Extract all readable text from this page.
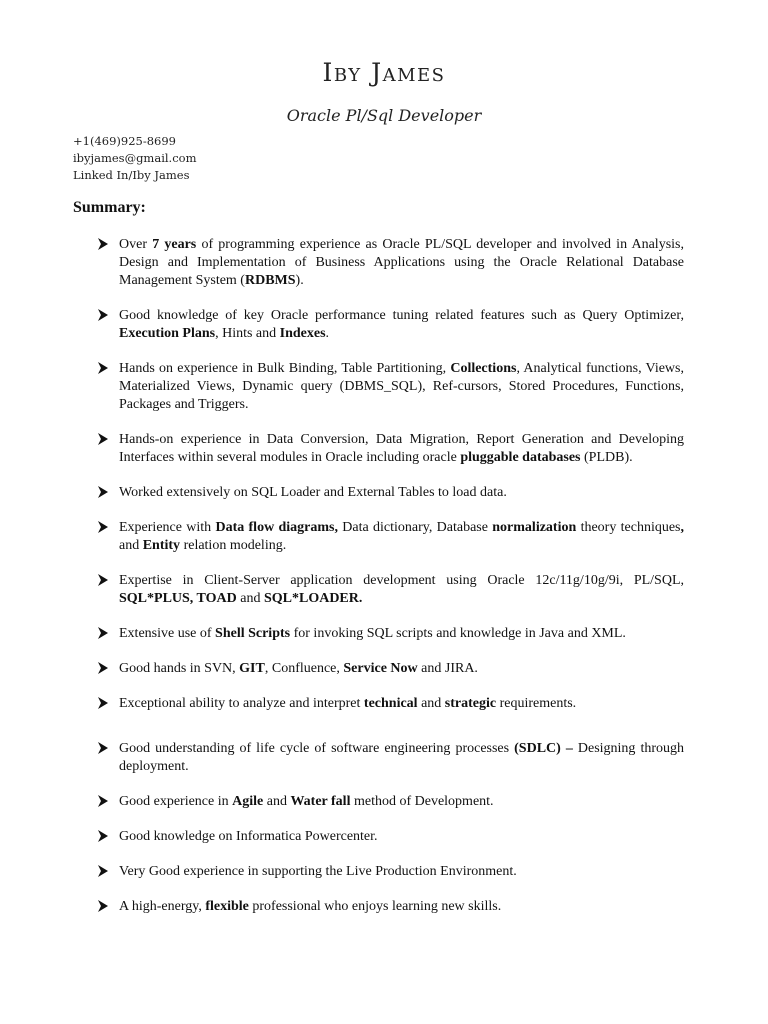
Iby James
Oracle Pl/Sql Developer
+1(469)925-8699
ibyjames@gmail.com
Linked In/Iby James
Summary:
Over 7 years of programming experience as Oracle PL/SQL developer and involved in Analysis, Design and Implementation of Business Applications using the Oracle Relational Database Management System (RDBMS).
Good knowledge of key Oracle performance tuning related features such as Query Optimizer, Execution Plans, Hints and Indexes.
Hands on experience in Bulk Binding, Table Partitioning, Collections, Analytical functions, Views, Materialized Views, Dynamic query (DBMS_SQL), Ref-cursors, Stored Procedures, Functions, Packages and Triggers.
Hands-on experience in Data Conversion, Data Migration, Report Generation and Developing Interfaces within several modules in Oracle including oracle pluggable databases (PLDB).
Worked extensively on SQL Loader and External Tables to load data.
Experience with Data flow diagrams, Data dictionary, Database normalization theory techniques, and Entity relation modeling.
Expertise in Client-Server application development using Oracle 12c/11g/10g/9i, PL/SQL, SQL*PLUS, TOAD and SQL*LOADER.
Extensive use of Shell Scripts for invoking SQL scripts and knowledge in Java and XML.
Good hands in SVN, GIT, Confluence, Service Now and JIRA.
Exceptional ability to analyze and interpret technical and strategic requirements.
Good understanding of life cycle of software engineering processes (SDLC) – Designing through deployment.
Good experience in Agile and Water fall method of Development.
Good knowledge on Informatica Powercenter.
Very Good experience in supporting the Live Production Environment.
A high-energy, flexible professional who enjoys learning new skills.
